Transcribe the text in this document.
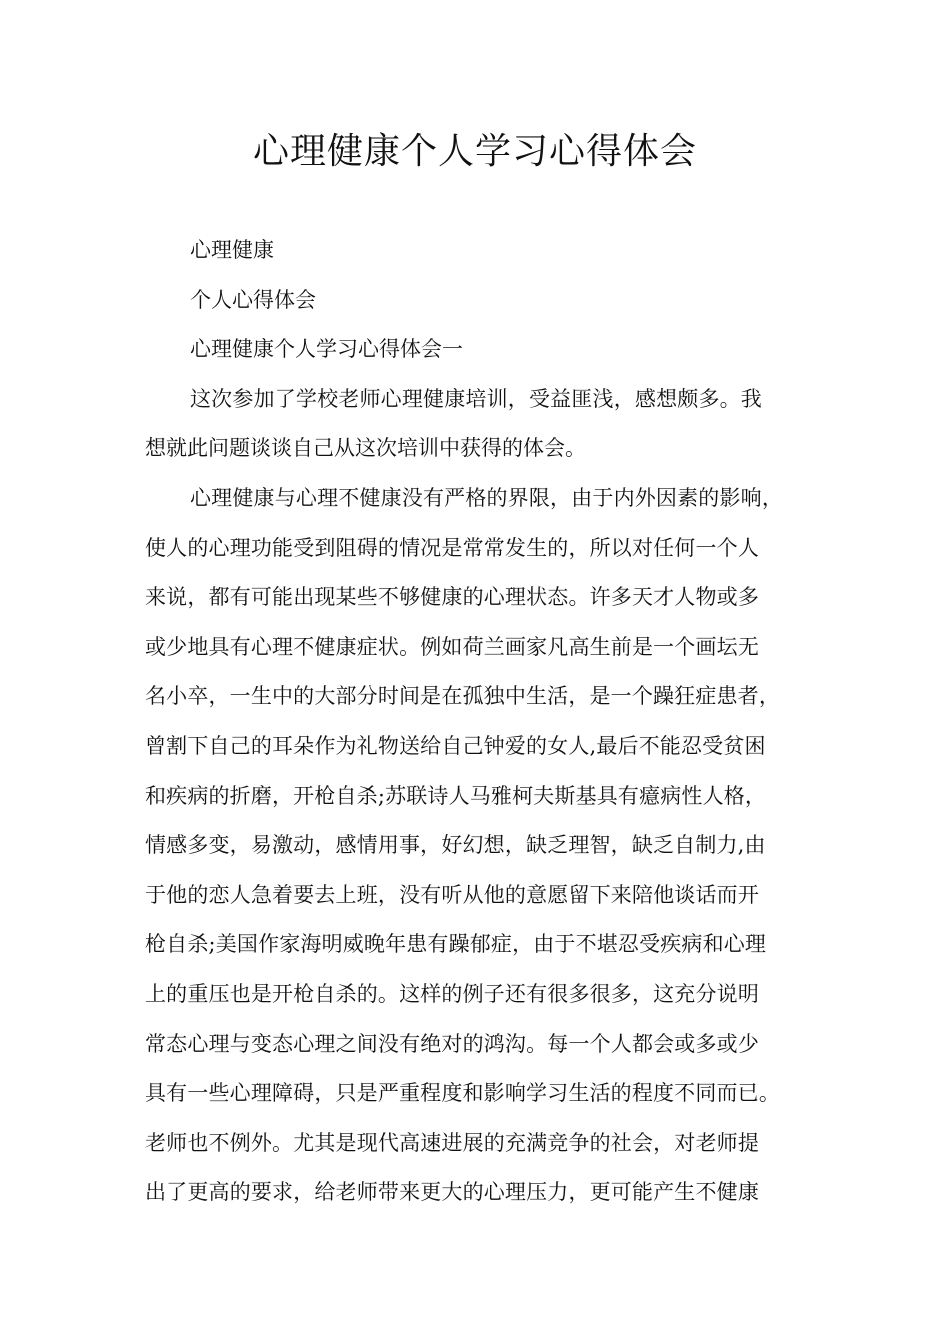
心理健康个人学习心得体会
心理健康
个人心得体会
心理健康个人学习心得体会一
这次参加了学校老师心理健康培训，受益匪浅，感想颇多。我
想就此问题谈谈自己从这次培训中获得的体会。
心理健康与心理不健康没有严格的界限，由于内外因素的影响，
使人的心理功能受到阻碍的情况是常常发生的，所以对任何一个人
来说，都有可能出现某些不够健康的心理状态。许多天才人物或多
或少地具有心理不健康症状。例如荷兰画家凡高生前是一个画坛无
名小卒，一生中的大部分时间是在孤独中生活，是一个躁狂症患者，
曾割下自己的耳朵作为礼物送给自己钟爱的女人,最后不能忍受贫困
和疾病的折磨，开枪自杀;苏联诗人马雅柯夫斯基具有癔病性人格，
情感多变，易激动，感情用事，好幻想，缺乏理智，缺乏自制力,由
于他的恋人急着要去上班，没有听从他的意愿留下来陪他谈话而开
枪自杀;美国作家海明威晚年患有躁郁症，由于不堪忍受疾病和心理
上的重压也是开枪自杀的。这样的例子还有很多很多，这充分说明
常态心理与变态心理之间没有绝对的鸿沟。每一个人都会或多或少
具有一些心理障碍，只是严重程度和影响学习生活的程度不同而已。
老师也不例外。尤其是现代高速进展的充满竞争的社会，对老师提
出了更高的要求，给老师带来更大的心理压力，更可能产生不健康
